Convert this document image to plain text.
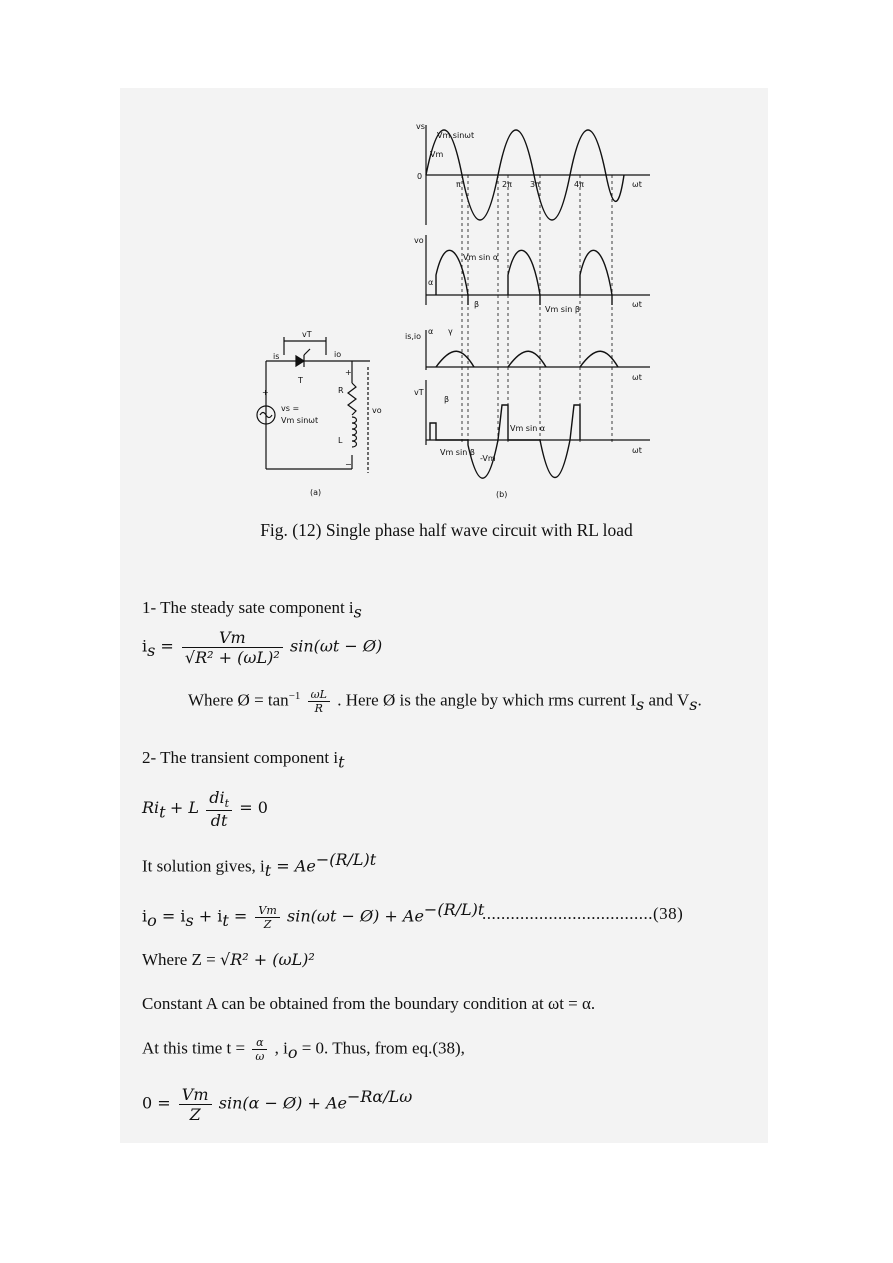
vT
is	io
T
R
L
vo
vs =
Vm sinωt
+
−
+
(a)
vs
Vm sinωt
Vm
0
π	2π 3π	4π	ωt
vo
Vm sin α
α
β
Vm sin β
ωt
is,io
α γ
ωt
vT
β
Vm sin α
Vm sin β
-Vm
ωt
(b)
Fig. (12) Single phase half wave circuit with RL load
1- The steady sate component $i_s$
$i_s = \frac{Vm}{\text{√R² + (ωL)²}} \sin(\omega t$ − Ø)
Where Ø = $\tan^{-1} \frac{\omega L}{R}$ . Here Ø is the angle by which rms current $I_s$ and $V_s$.
2- The transient component $i_t$
$Ri_t + L \frac{di_t}{dt} = 0$
It solution gives, $i_t = Ae^{-(R/L)t}$
$i_o = i_s + i_t = \frac{Vm}{Z} \sin(\omega t$ − Ø) + $Ae^{-(R/L)t}$
....................................(38)
Where Z = √R² + (ωL)²
Constant A can be obtained from the boundary condition at ωt = α.
At this time $t = \frac{\alpha}{\omega}$ , $i_o = 0$. Thus, from eq.(38),
$0 = \frac{Vm}{Z} \sin(\alpha$ − Ø) + $Ae^{-R\alpha/L\omega}$
